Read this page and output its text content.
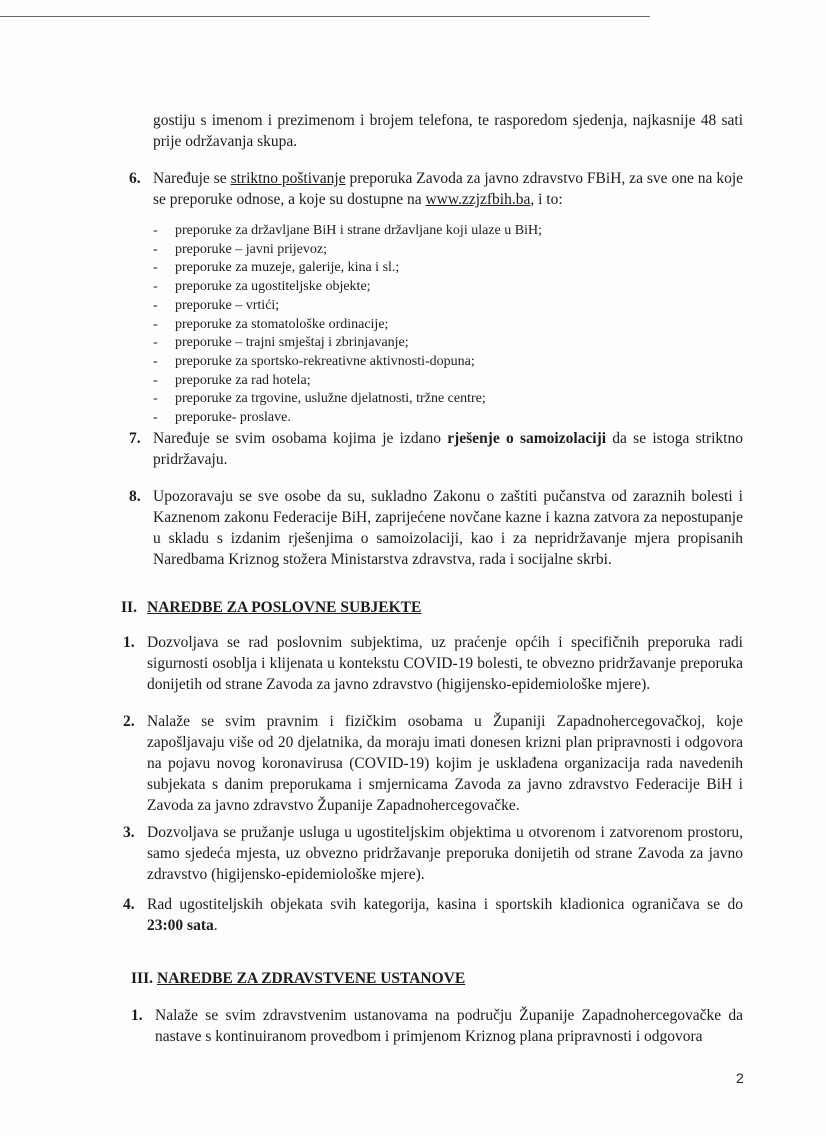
gostiju s imenom i prezimenom i brojem telefona, te rasporedom sjedenja, najkasnije 48 sati prije održavanja skupa.
6. Naređuje se striktno poštivanje preporuka Zavoda za javno zdravstvo FBiH, za sve one na koje se preporuke odnose, a koje su dostupne na www.zzjzfbih.ba, i to:
- preporuke za državljane BiH i strane državljane koji ulaze u BiH;
- preporuke – javni prijevoz;
- preporuke za muzeje, galerije, kina i sl.;
- preporuke za ugostiteljske objekte;
- preporuke – vrtići;
- preporuke za stomatološke ordinacije;
- preporuke – trajni smještaj i zbrinjavanje;
- preporuke za sportsko-rekreativne aktivnosti-dopuna;
- preporuke za rad hotela;
- preporuke za trgovine, uslužne djelatnosti, tržne centre;
- preporuke- proslave.
7. Naređuje se svim osobama kojima je izdano rješenje o samoizolaciji da se istoga striktno pridržavaju.
8. Upozoravaju se sve osobe da su, sukladno Zakonu o zaštiti pučanstva od zaraznih bolesti i Kaznenom zakonu Federacije BiH, zaprijećene novčane kazne i kazna zatvora za nepostupanje u skladu s izdanim rješenjima o samoizolaciji, kao i za nepridržavanje mjera propisanih Naredbama Kriznog stožera Ministarstva zdravstva, rada i socijalne skrbi.
II. NAREDBE ZA POSLOVNE SUBJEKTE
1. Dozvoljava se rad poslovnim subjektima, uz praćenje općih i specifičnih preporuka radi sigurnosti osoblja i klijenata u kontekstu COVID-19 bolesti, te obvezno pridržavanje preporuka donijetih od strane Zavoda za javno zdravstvo (higijensko-epidemiološke mjere).
2. Nalaže se svim pravnim i fizičkim osobama u Županiji Zapadnohercegovačkoj, koje zapošljavaju više od 20 djelatnika, da moraju imati donesen krizni plan pripravnosti i odgovora na pojavu novog koronavirusa (COVID-19) kojim je usklađena organizacija rada navedenih subjekata s danim preporukama i smjernicama Zavoda za javno zdravstvo Federacije BiH i Zavoda za javno zdravstvo Županije Zapadnohercegovačke.
3. Dozvoljava se pružanje usluga u ugostiteljskim objektima u otvorenom i zatvorenom prostoru, samo sjedeća mjesta, uz obvezno pridržavanje preporuka donijetih od strane Zavoda za javno zdravstvo (higijensko-epidemiološke mjere).
4. Rad ugostiteljskih objekata svih kategorija, kasina i sportskih kladionica ograničava se do 23:00 sata.
III. NAREDBE ZA ZDRAVSTVENE USTANOVE
1. Nalaže se svim zdravstvenim ustanovama na području Županije Zapadnohercegovačke da nastave s kontinuiranom provedbom i primjenom Kriznog plana pripravnosti i odgovora
2
